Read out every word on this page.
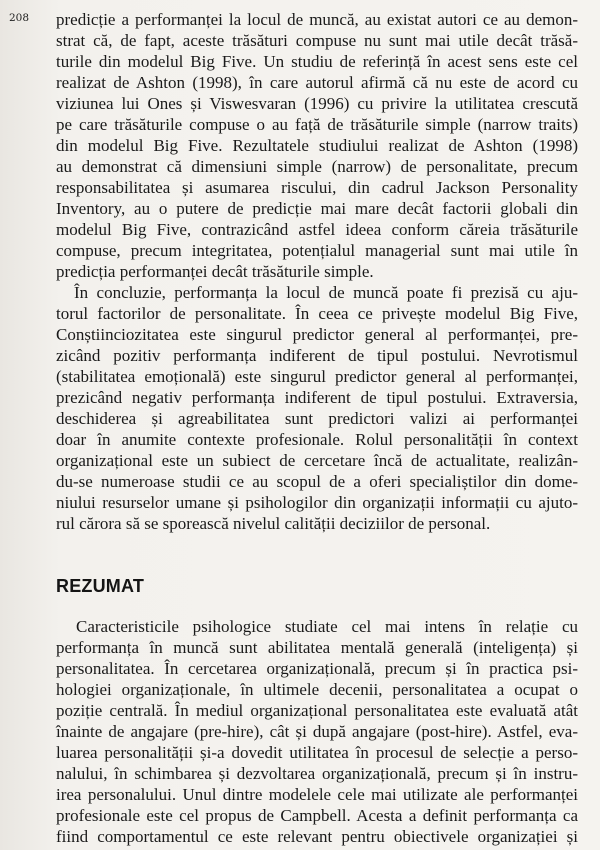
208 predicție a performanței la locul de muncă, au existat autori ce au demon-

strat că, de fapt, aceste trăsături compuse nu sunt mai utile decât trăsă-

turile din modelul Big Five. Un studiu de referință în acest sens este cel

realizat de Ashton (1998), în care autorul afirmă că nu este de acord cu

viziunea lui Ones și Viswesvaran (1996) cu privire la utilitatea crescută

pe care trăsăturile compuse o au față de trăsăturile simple (narrow traits)

din modelul Big Five. Rezultatele studiului realizat de Ashton (1998)

au demonstrat că dimensiuni simple (narrow) de personalitate, precum

responsabilitatea și asumarea riscului, din cadrul Jackson Personality

Inventory, au o putere de predicție mai mare decât factorii globali din

modelul Big Five, contrazicând astfel ideea conform căreia trăsăturile

compuse, precum integritatea, potențialul managerial sunt mai utile în

predicția performanței decât trăsăturile simple.

În concluzie, performanța la locul de muncă poate fi prezisă cu aju-

torul factorilor de personalitate. În ceea ce privește modelul Big Five,

Conștiinciozitatea este singurul predictor general al performanței, pre-

zicând pozitiv performanța indiferent de tipul postului. Nevrotismul

(stabilitatea emoțională) este singurul predictor general al performanței,

prezicând negativ performanța indiferent de tipul postului. Extraversia,

deschiderea și agreabilitatea sunt predictori valizi ai performanței

doar în anumite contexte profesionale. Rolul personalității în context

organizațional este un subiect de cercetare încă de actualitate, realizân-

du-se numeroase studii ce au scopul de a oferi specialiștilor din dome-

niului resurselor umane și psihologilor din organizații informații cu ajuto-

rul cărora să se sporească nivelul calității deciziilor de personal.

REZUMAT

Caracteristicile psihologice studiate cel mai intens în relație cu

performanța în muncă sunt abilitatea mentală generală (inteligența) și

personalitatea. În cercetarea organizațională, precum și în practica psi-

hologiei organizaționale, în ultimele decenii, personalitatea a ocupat o

poziție centrală. În mediul organizațional personalitatea este evaluată atât

înainte de angajare (pre-hire), cât și după angajare (post-hire). Astfel, eva-

luarea personalității și-a dovedit utilitatea în procesul de selecție a perso-

nalului, în schimbarea și dezvoltarea organizațională, precum și în instru-

irea personalului. Unul dintre modelele cele mai utilizate ale performanței

profesionale este cel propus de Campbell. Acesta a definit performanța ca

fiind comportamentul ce este relevant pentru obiectivele organizației și
